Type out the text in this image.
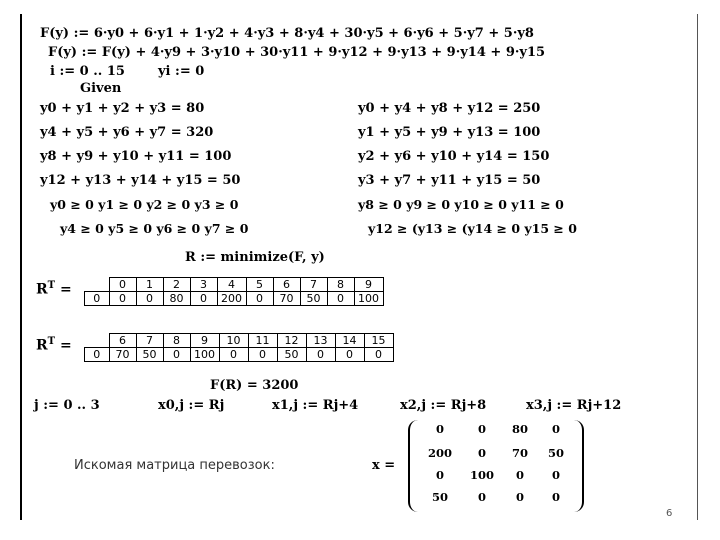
F(y) := 6·y0 + 6·y1 + 1·y2 + 4·y3 + 8·y4 + 30·y5 + 6·y6 + 5·y7 + 5·y8
F(y) := F(y) + 4·y9 + 3·y10 + 30·y11 + 9·y12 + 9·y13 + 9·y14 + 9·y15
i := 0 .. 15	yi := 0
Given
y0 + y1 + y2 + y3 = 80
y4 + y5 + y6 + y7 = 320
y8 + y9 + y10 + y11 = 100
y12 + y13 + y14 + y15 = 50
y0 + y4 + y8 + y12 = 250
y1 + y5 + y9 + y13 = 100
y2 + y6 + y10 + y14 = 150
y3 + y7 + y11 + y15 = 50
y0 ≥ 0 y1 ≥ 0 y2 ≥ 0 y3 ≥ 0
y4 ≥ 0 y5 ≥ 0 y6 ≥ 0 y7 ≥ 0
y8 ≥ 0 y9 ≥ 0 y10 ≥ 0 y11 ≥ 0
y12 ≥ (y13 ≥ (y14 ≥ 0 y15 ≥ 0
R := minimize(F, y)
$R^T$ =
		0	1	2	3	4	5	6	7	8	9
0	0	0	80	0	200	0	70	50	0	100
$R^T$ =
		6	7	8	9	10	11	12	13	14	15
0	70	50	0	100	0	0	50	0	0	0
F(R) = 3200
j := 0 .. 3	x0,j := Rj	x1,j := Rj+4	x2,j := Rj+8	x3,j := Rj+12
Искомая матрица перевозок:	x =
0	0	80	0
200	0	70	50
0	100	0	0
50	0	0	0
6
